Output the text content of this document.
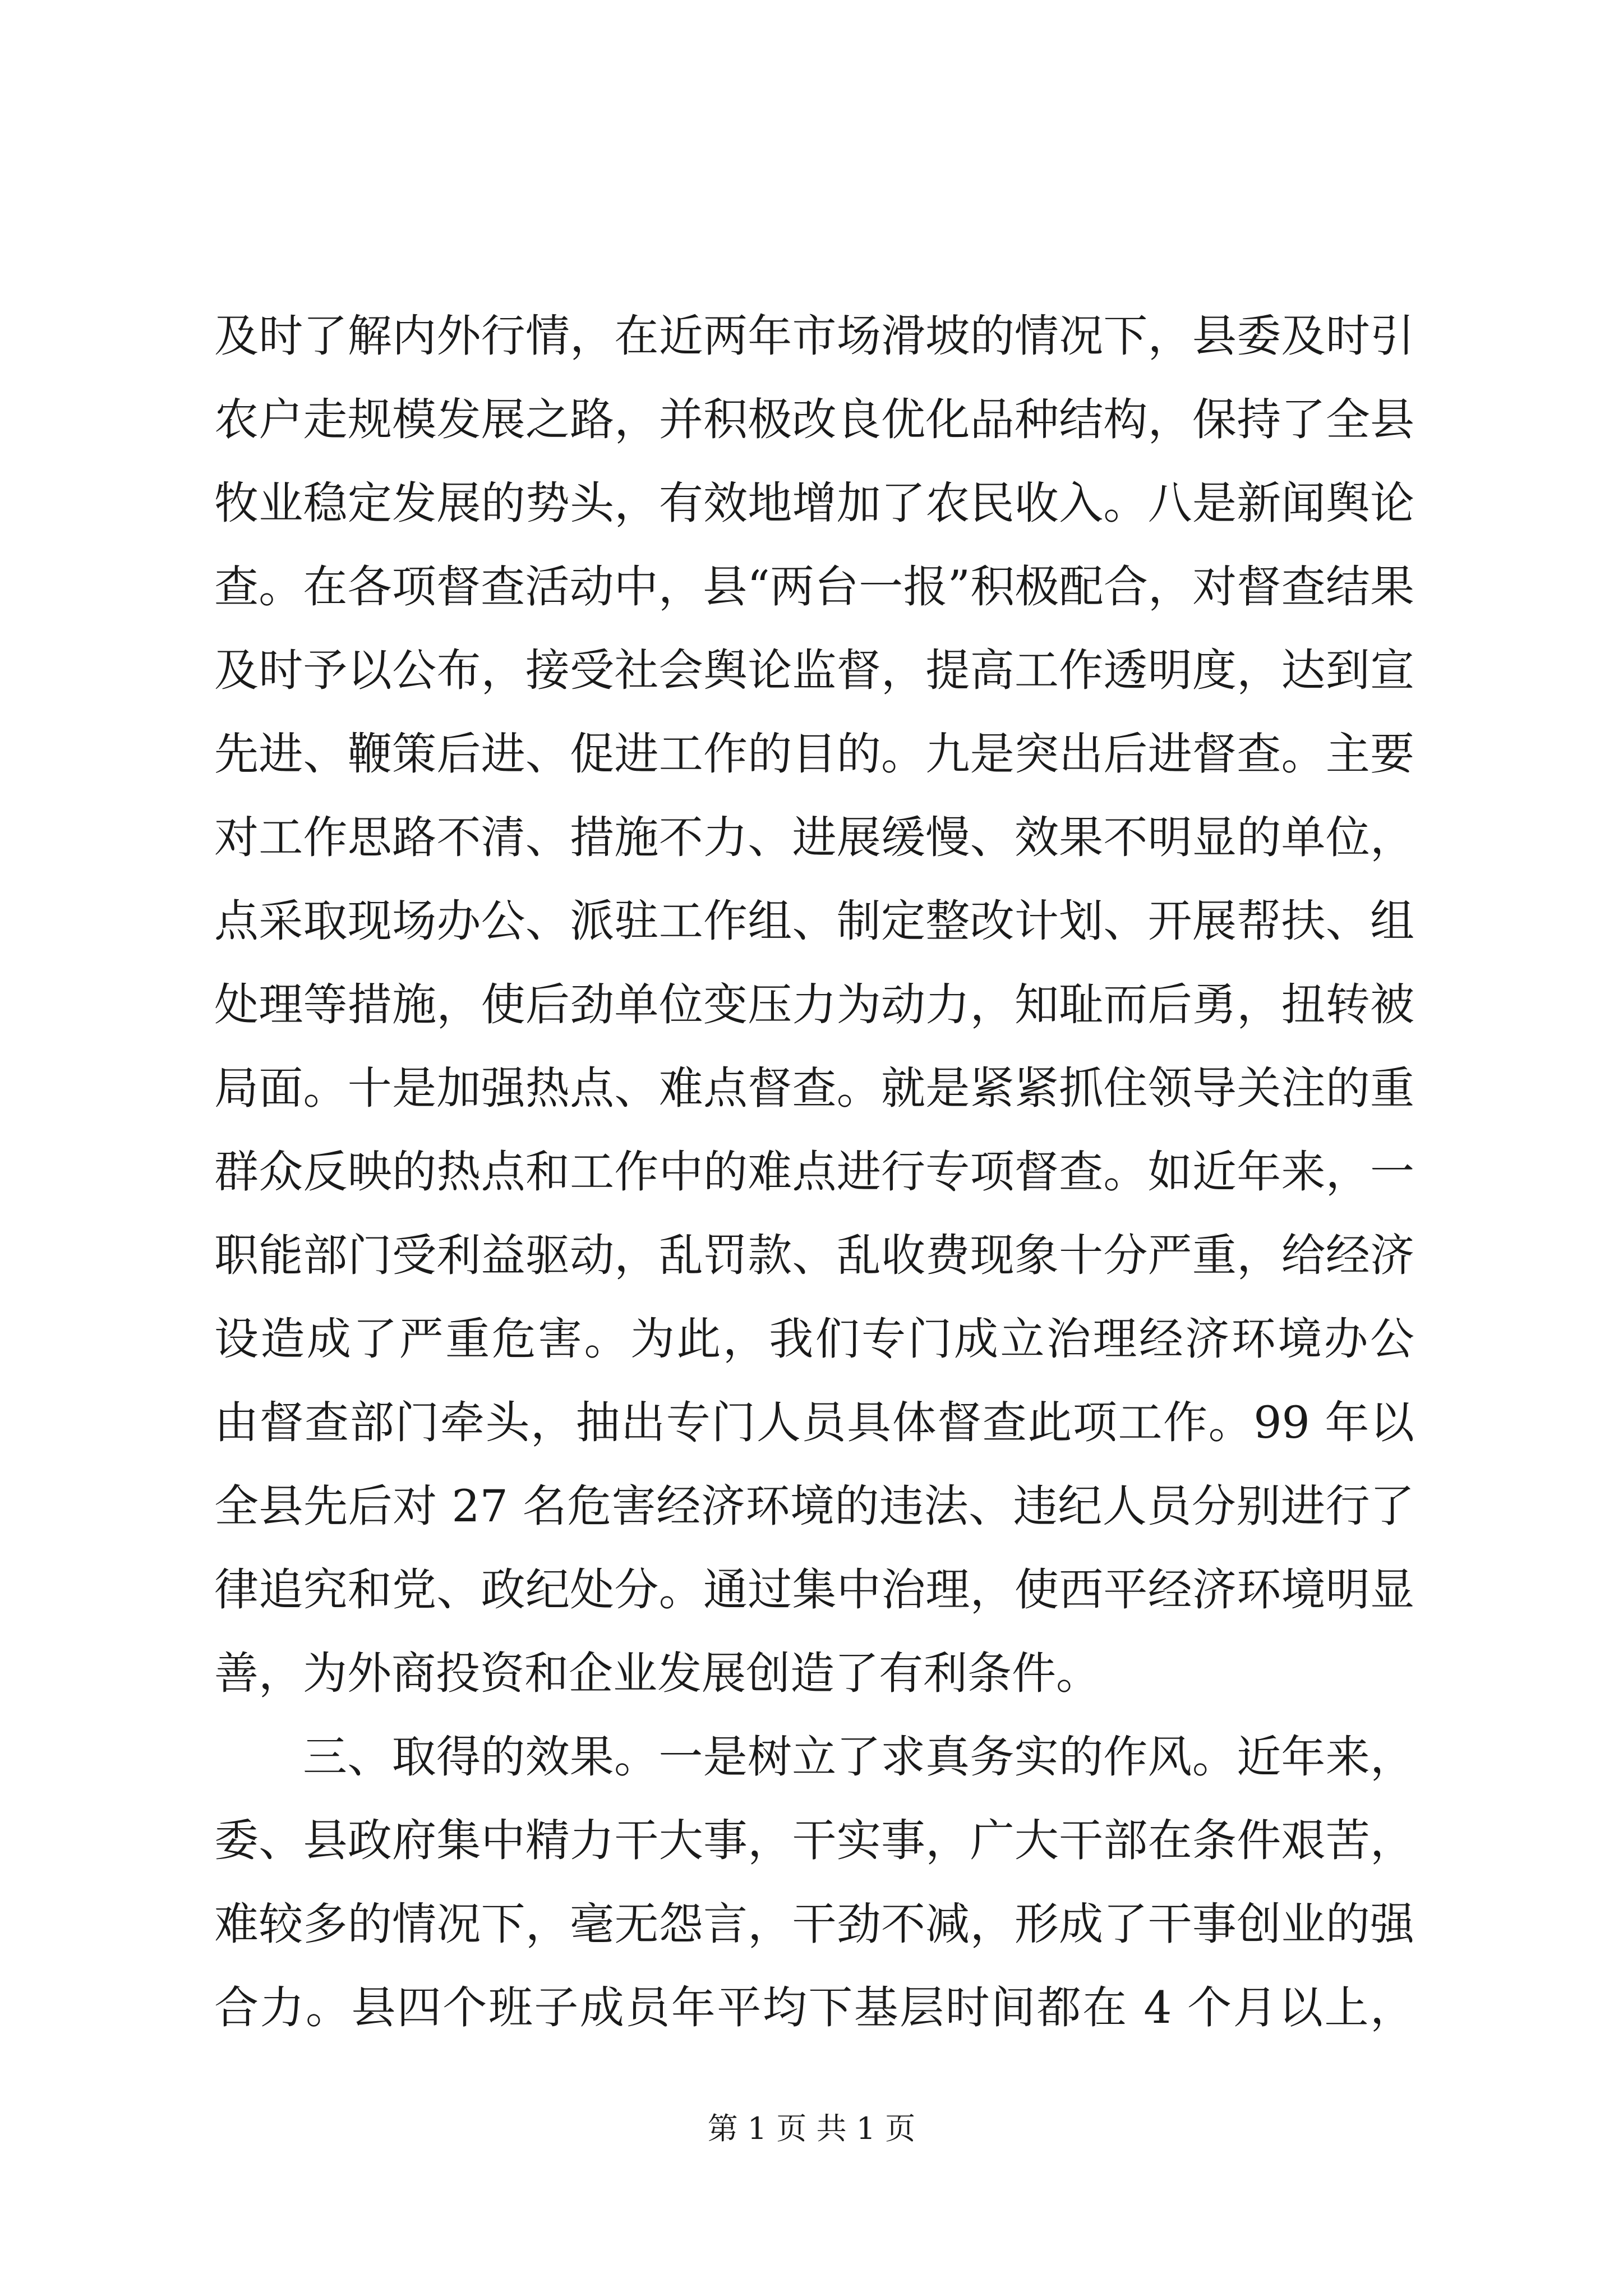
及时了解内外行情，在近两年市场滑坡的情况下，县委及时引
农户走规模发展之路，并积极改良优化品种结构，保持了全县
牧业稳定发展的势头，有效地增加了农民收入。八是新闻舆论
查。在各项督查活动中，县“两台一报”积极配合，对督查结果
及时予以公布，接受社会舆论监督，提高工作透明度，达到宣
先进、鞭策后进、促进工作的目的。九是突出后进督查。主要
对工作思路不清、措施不力、进展缓慢、效果不明显的单位，
点采取现场办公、派驻工作组、制定整改计划、开展帮扶、组
处理等措施，使后劲单位变压力为动力，知耻而后勇，扭转被
局面。十是加强热点、难点督查。就是紧紧抓住领导关注的重
群众反映的热点和工作中的难点进行专项督查。如近年来，一
职能部门受利益驱动，乱罚款、乱收费现象十分严重，给经济
设造成了严重危害。为此，我们专门成立治理经济环境办公
由督查部门牵头，抽出专门人员具体督查此项工作。99 年以
全县先后对 27 名危害经济环境的违法、违纪人员分别进行了
律追究和党、政纪处分。通过集中治理，使西平经济环境明显
善，为外商投资和企业发展创造了有利条件。
三、取得的效果。一是树立了求真务实的作风。近年来，
委、县政府集中精力干大事，干实事，广大干部在条件艰苦，
难较多的情况下，毫无怨言，干劲不减，形成了干事创业的强
合力。县四个班子成员年平均下基层时间都在 4 个月以上，
第 1 页 共 1 页
